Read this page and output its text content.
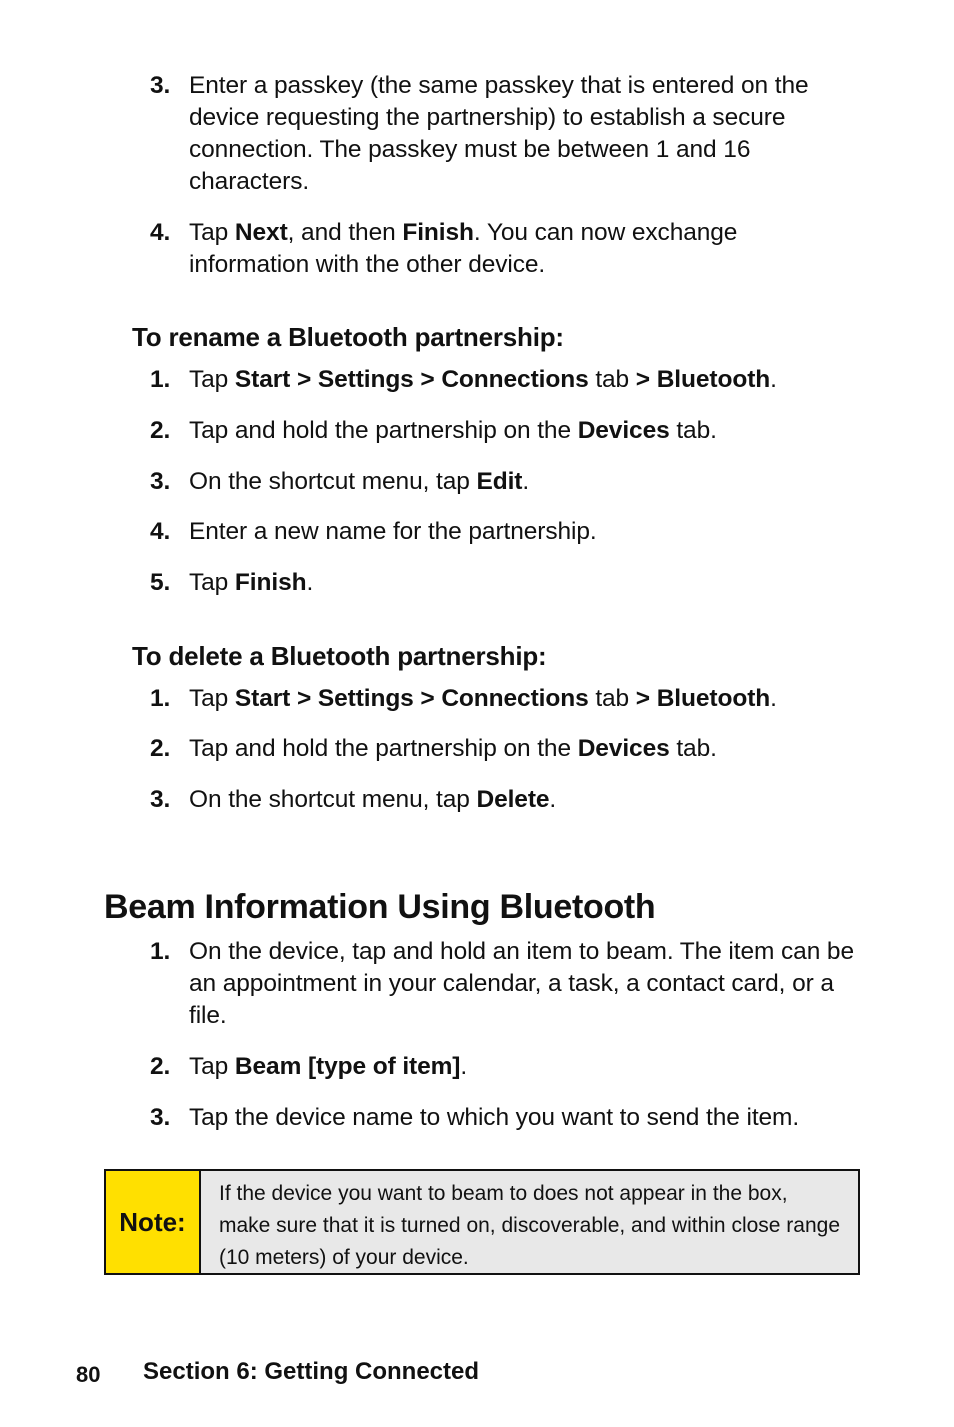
3. Enter a passkey (the same passkey that is entered on the device requesting the partnership) to establish a secure connection. The passkey must be between 1 and 16 characters.
4. Tap Next, and then Finish. You can now exchange information with the other device.
To rename a Bluetooth partnership:
1. Tap Start > Settings > Connections tab > Bluetooth.
2. Tap and hold the partnership on the Devices tab.
3. On the shortcut menu, tap Edit.
4. Enter a new name for the partnership.
5. Tap Finish.
To delete a Bluetooth partnership:
1. Tap Start > Settings > Connections tab > Bluetooth.
2. Tap and hold the partnership on the Devices tab.
3. On the shortcut menu, tap Delete.
Beam Information Using Bluetooth
1. On the device, tap and hold an item to beam. The item can be an appointment in your calendar, a task, a contact card, or a file.
2. Tap Beam [type of item].
3. Tap the device name to which you want to send the item.
Note:
If the device you want to beam to does not appear in the box, make sure that it is turned on, discoverable, and within close range (10 meters) of your device.
80 Section 6: Getting Connected
